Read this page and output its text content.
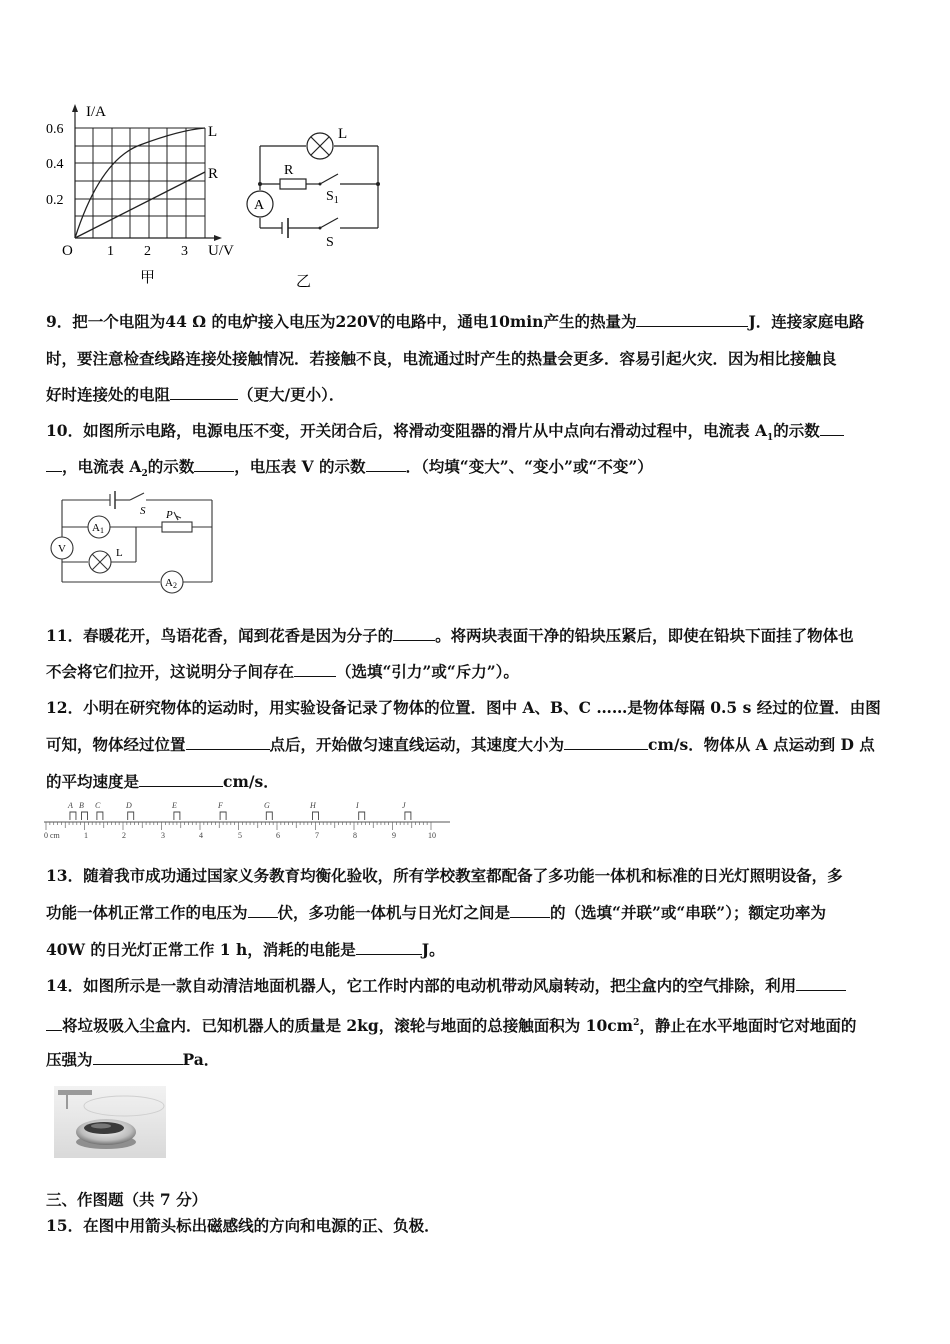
I/A
U/V
O
0.6
0.4
0.2
1 2 3
L
R
甲
L
R
$S_1$
A
S
乙
9．把一个电阻为44 Ω 的电炉接入电压为220V的电路中，通电10min产生的热量为	J．连接家庭电路
时，要注意检查线路连接处接触情况．若接触不良，电流通过时产生的热量会更多．容易引起火灾．因为相比接触良
好时连接处的电阻	（更大/更小）．
10．如图所示电路，电源电压不变，开关闭合后，将滑动变阻器的滑片从中点向右滑动过程中，电流表 $A_1$的示数
，电流表 $A_2$的示数	，电压表 V 的示数	．（均填“变大”、“变小”或“不变”）
S P
A1
V	L
A2
11．春暖花开，鸟语花香，闻到花香是因为分子的	。将两块表面干净的铅块压紧后，即使在铅块下面挂了物体也
不会将它们拉开，这说明分子间存在	（选填“引力”或“斥力”）。
12．小明在研究物体的运动时，用实验设备记录了物体的位置．图中 A、B、C ……是物体每隔 0.5 s 经过的位置．由图
可知，物体经过位置	点后，开始做匀速直线运动，其速度大小为	cm/s．物体从 A 点运动到 D 点
的平均速度是	cm/s．
A B C	D	E	F	G	H	I	J
0 cm	1	2	3	4	5	6	7	8	9	10
13．随着我市成功通过国家义务教育均衡化验收，所有学校教室都配备了多功能一体机和标准的日光灯照明设备，多
功能一体机正常工作的电压为 伏，多功能一体机与日光灯之间是	的（选填“并联”或“串联”）；额定功率为
40W 的日光灯正常工作 1 h，消耗的电能是	J。
14．如图所示是一款自动清洁地面机器人，它工作时内部的电动机带动风扇转动，把尘盒内的空气排除，利用
将垃圾吸入尘盒内．已知机器人的质量是 2kg，滚轮与地面的总接触面积为 $10cm^2$，静止在水平地面时它对地面的
压强为	Pa．
三、作图题（共 7 分）
15．在图中用箭头标出磁感线的方向和电源的正、负极．
